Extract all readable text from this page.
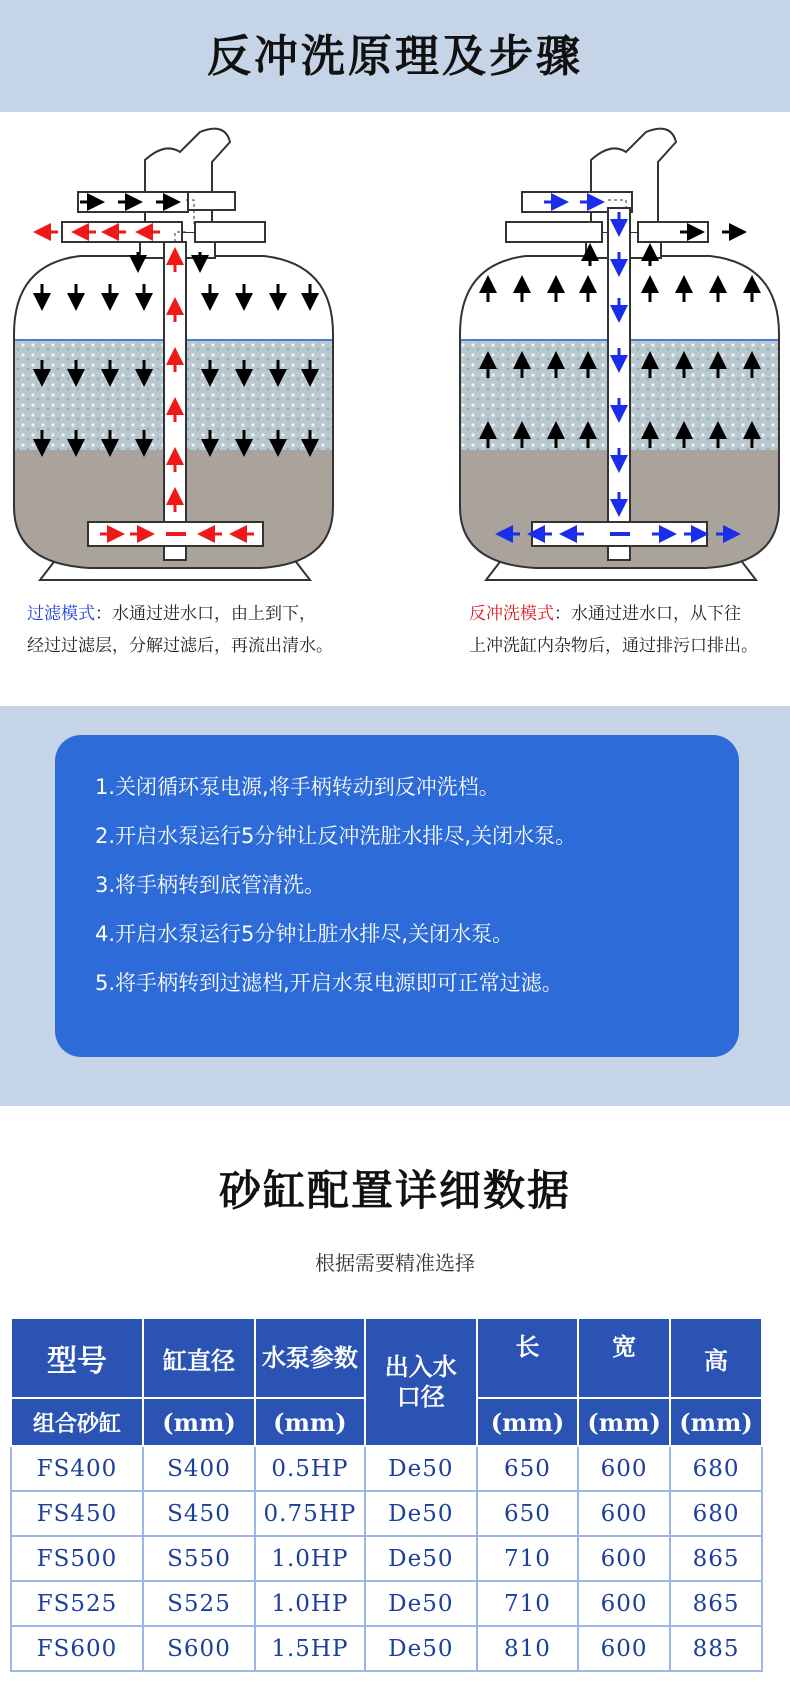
反冲洗原理及步骤
过滤模式：水通过进水口，由上到下，
经过过滤层，分解过滤后，再流出清水。
反冲洗模式：水通过进水口，从下往
上冲洗缸内杂物后，通过排污口排出。
1.关闭循环泵电源,将手柄转动到反冲洗档。
2.开启水泵运行5分钟让反冲洗脏水排尽,关闭水泵。
3.将手柄转到底管清洗。
4.开启水泵运行5分钟让脏水排尽,关闭水泵。
5.将手柄转到过滤档,开启水泵电源即可正常过滤。
砂缸配置详细数据
根据需要精准选择
型号	缸直径	水泵参数	出入水口径	长	宽	高
组合砂缸	(mm)	(mm)		(mm)	(mm)	(mm)
FS400	S400	0.5HP	De50	650	600	680
FS450	S450	0.75HP	De50	650	600	680
FS500	S550	1.0HP	De50	710	600	865
FS525	S525	1.0HP	De50	710	600	865
FS600	S600	1.5HP	De50	810	600	885
